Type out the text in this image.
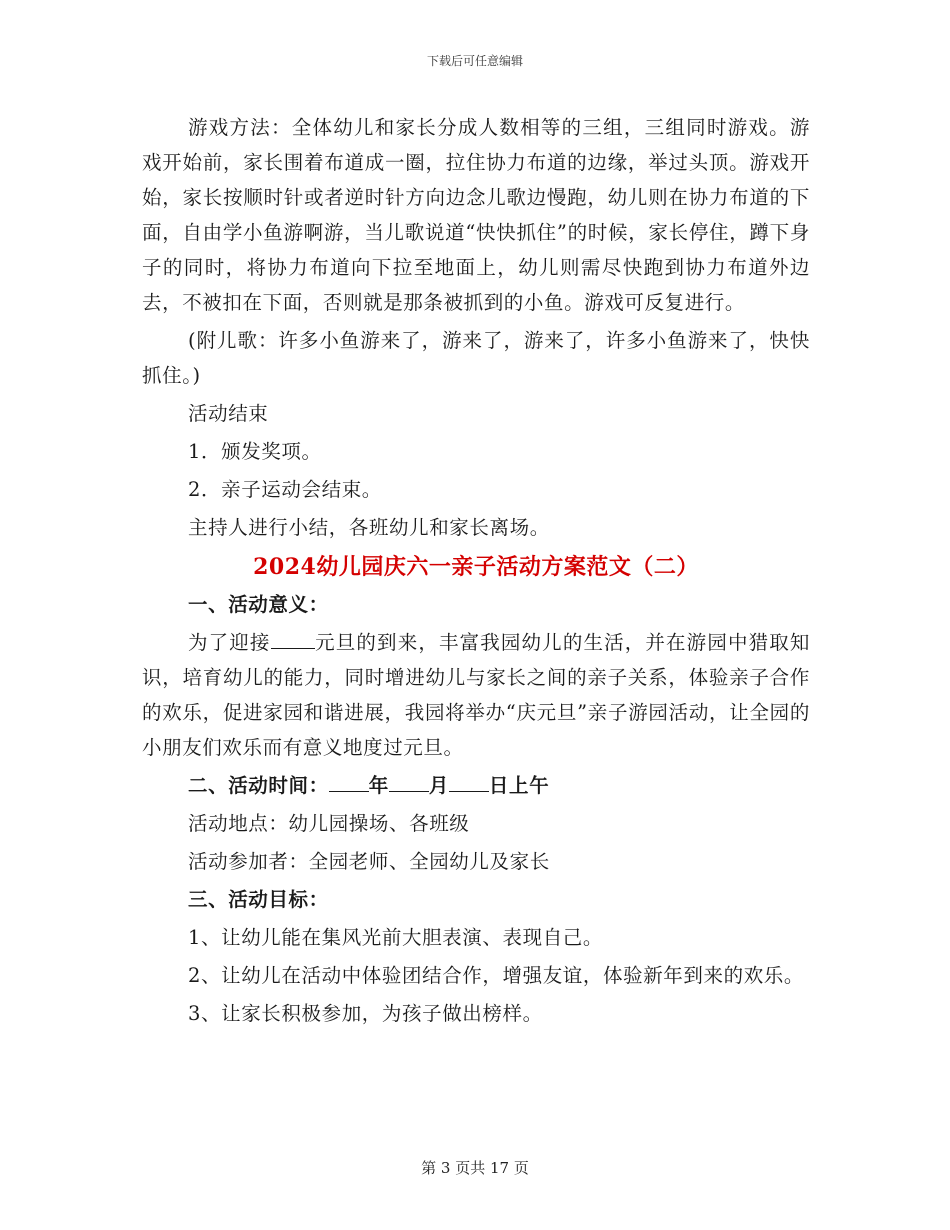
下载后可任意编辑

游戏方法：全体幼儿和家长分成人数相等的三组，三组同时游戏。游戏开始前，家长围着布道成一圈，拉住协力布道的边缘，举过头顶。游戏开始，家长按顺时针或者逆时针方向边念儿歌边慢跑，幼儿则在协力布道的下面，自由学小鱼游啊游，当儿歌说道“快快抓住”的时候，家长停住，蹲下身子的同时，将协力布道向下拉至地面上，幼儿则需尽快跑到协力布道外边去，不被扣在下面，否则就是那条被抓到的小鱼。游戏可反复进行。

(附儿歌：许多小鱼游来了，游来了，游来了，许多小鱼游来了，快快抓住。)

活动结束

1．颁发奖项。

2．亲子运动会结束。

主持人进行小结，各班幼儿和家长离场。

2024幼儿园庆六一亲子活动方案范文（二）

一、活动意义：

为了迎接 元旦的到来，丰富我园幼儿的生活，并在游园中猎取知识，培育幼儿的能力，同时增进幼儿与家长之间的亲子关系，体验亲子合作的欢乐，促进家园和谐进展，我园将举办“庆元旦”亲子游园活动，让全园的小朋友们欢乐而有意义地度过元旦。

二、活动时间： 年 月 日上午

活动地点：幼儿园操场、各班级

活动参加者：全园老师、全园幼儿及家长

三、活动目标：

1、让幼儿能在集风光前大胆表演、表现自己。

2、让幼儿在活动中体验团结合作，增强友谊，体验新年到来的欢乐。

3、让家长积极参加，为孩子做出榜样。

第 3 页共 17 页
